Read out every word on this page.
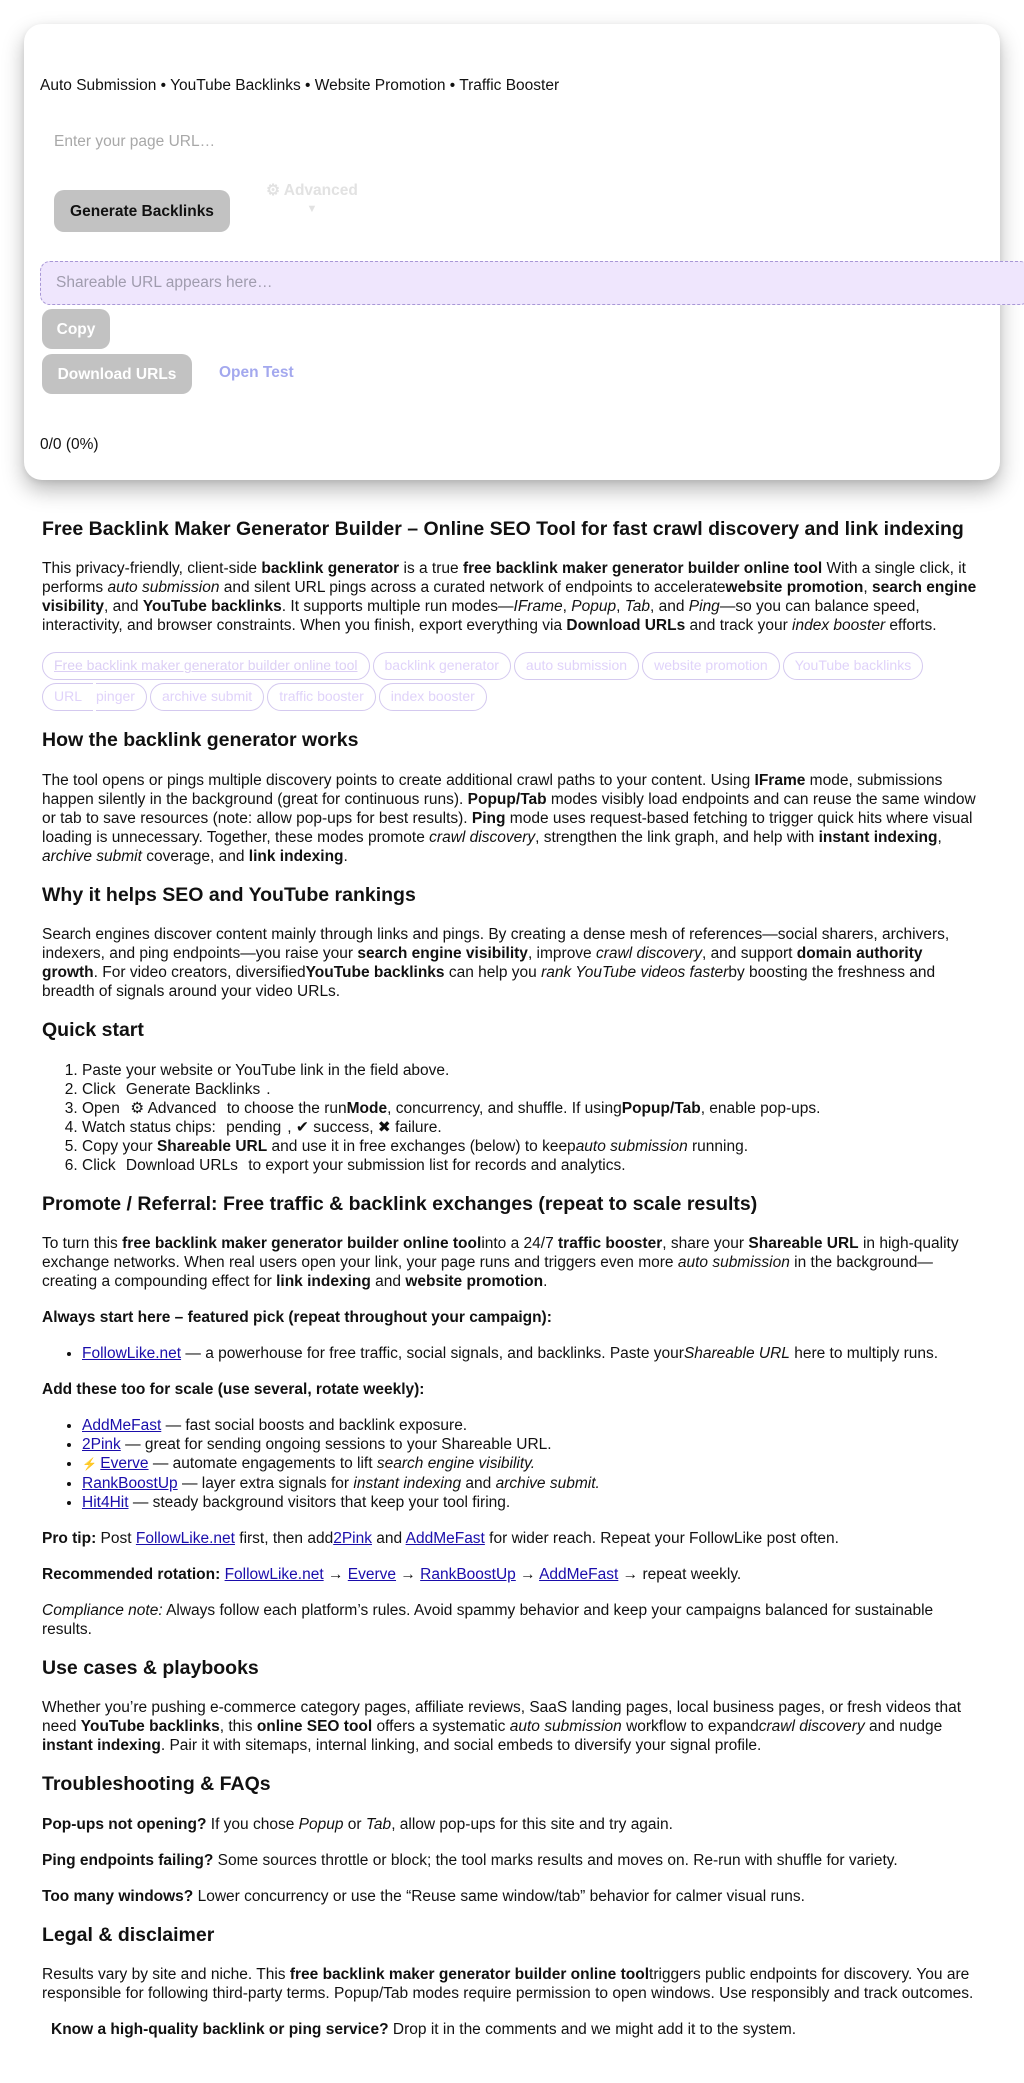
Auto Submission • YouTube Backlinks • Website Promotion • Traffic Booster
Enter your page URL…
Generate Backlinks
⚙ Advanced
▼
Shareable URL appears here…
Copy
Download URLs	Open Test
0/0 (0%)
Free Backlink Maker Generator Builder – Online SEO Tool for fast crawl discovery and link indexing

This privacy-friendly, client-side backlink generator is a true free backlink maker generator builder online tool With a single click, it performs auto submission and silent URL pings across a curated network of endpoints to acceleratewebsite promotion, search engine visibility, and YouTube backlinks. It supports multiple run modes—IFrame, Popup, Tab, and Ping—so you can balance speed, interactivity, and browser constraints. When you finish, export everything via Download URLs and track your index booster efforts.

Free backlink maker generator builder online tool	backlink generator	auto submission	website promotion	YouTube backlinks
URL	pinger	archive submit	traffic booster	index booster
How the backlink generator works

The tool opens or pings multiple discovery points to create additional crawl paths to your content. Using IFrame mode, submissions happen silently in the background (great for continuous runs). Popup/Tab modes visibly load endpoints and can reuse the same window or tab to save resources (note: allow pop-ups for best results). Ping mode uses request-based fetching to trigger quick hits where visual loading is unnecessary. Together, these modes promote crawl discovery, strengthen the link graph, and help with instant indexing, archive submit coverage, and link indexing.

Why it helps SEO and YouTube rankings

Search engines discover content mainly through links and pings. By creating a dense mesh of references—social sharers, archivers, indexers, and ping endpoints—you raise your search engine visibility, improve crawl discovery, and support domain authority growth. For video creators, diversifiedYouTube backlinks can help you rank YouTube videos fasterby boosting the freshness and breadth of signals around your video URLs.

Quick start
1. Paste your website or YouTube link in the field above.
2. Click Generate Backlinks .
3. Open ⚙ Advanced to choose the runMode, concurrency, and shuffle. If usingPopup/Tab, enable pop-ups.
4. Watch status chips: pending , ✔ success, ✖ failure.
5. Copy your Shareable URL and use it in free exchanges (below) to keepauto submission running.
6. Click Download URLs to export your submission list for records and analytics.
Promote / Referral: Free traffic & backlink exchanges (repeat to scale results)

To turn this free backlink maker generator builder online toolinto a 24/7 traffic booster, share your Shareable URL in high-quality exchange networks. When real users open your link, your page runs and triggers even more auto submission in the background—creating a compounding effect for link indexing and website promotion.

Always start here – featured pick (repeat throughout your campaign):

• FollowLike.net — a powerhouse for free traffic, social signals, and backlinks. Paste yourShareable URL here to multiply runs.

Add these too for scale (use several, rotate weekly):

• AddMeFast — fast social boosts and backlink exposure.
• 2Pink — great for sending ongoing sessions to your Shareable URL.
• ⚡ Everve — automate engagements to lift search engine visibility.
• RankBoostUp — layer extra signals for instant indexing and archive submit.
• Hit4Hit — steady background visitors that keep your tool firing.

Pro tip: Post FollowLike.net first, then add2Pink and AddMeFast for wider reach. Repeat your FollowLike post often.

Recommended rotation: FollowLike.net → Everve → RankBoostUp → AddMeFast → repeat weekly.

Compliance note: Always follow each platform’s rules. Avoid spammy behavior and keep your campaigns balanced for sustainable results.

Use cases & playbooks

Whether you’re pushing e-commerce category pages, affiliate reviews, SaaS landing pages, local business pages, or fresh videos that need YouTube backlinks, this online SEO tool offers a systematic auto submission workflow to expandcrawl discovery and nudge instant indexing. Pair it with sitemaps, internal linking, and social embeds to diversify your signal profile.

Troubleshooting & FAQs

Pop-ups not opening? If you chose Popup or Tab, allow pop-ups for this site and try again.

Ping endpoints failing? Some sources throttle or block; the tool marks results and moves on. Re-run with shuffle for variety.

Too many windows? Lower concurrency or use the “Reuse same window/tab” behavior for calmer visual runs.

Legal & disclaimer

Results vary by site and niche. This free backlink maker generator builder online tooltriggers public endpoints for discovery. You are responsible for following third-party terms. Popup/Tab modes require permission to open windows. Use responsibly and track outcomes.

Know a high-quality backlink or ping service? Drop it in the comments and we might add it to the system.
